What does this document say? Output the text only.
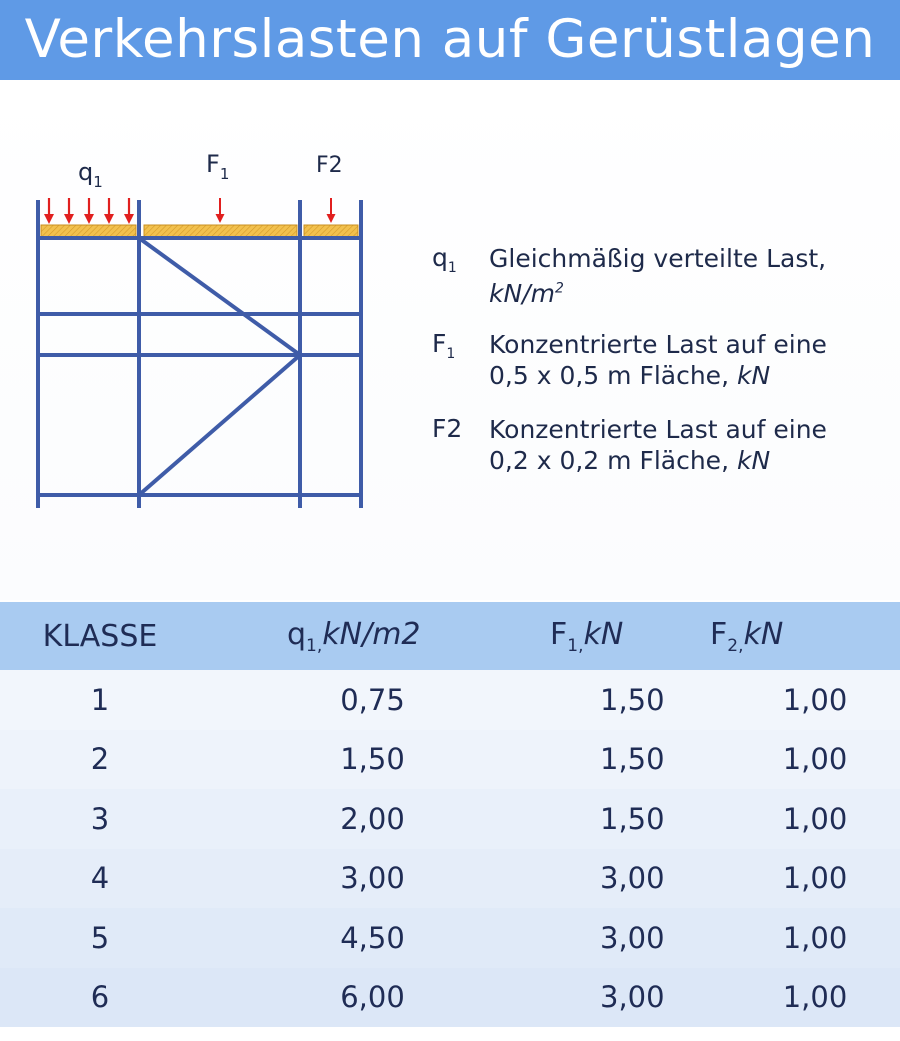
Verkehrslasten auf Gerüstlagen
$q_1$
$F_1$	F2
$q_1$	Gleichmäßig verteilte Last,
$kN/m^2$
$F_1$	Konzentrierte Last auf eine
0,5 x 0,5 m Fläche, kN
F2	Konzentrierte Last auf eine
0,2 x 0,2 m Fläche, kN
KLASSE	$q_{1,}kN/m2$	$F_{1,}kN$	$F_{2,}kN$
1	0,75	1,50	1,00
2	1,50	1,50	1,00
3	2,00	1,50	1,00
4	3,00	3,00	1,00
5	4,50	3,00	1,00
6	6,00	3,00	1,00
